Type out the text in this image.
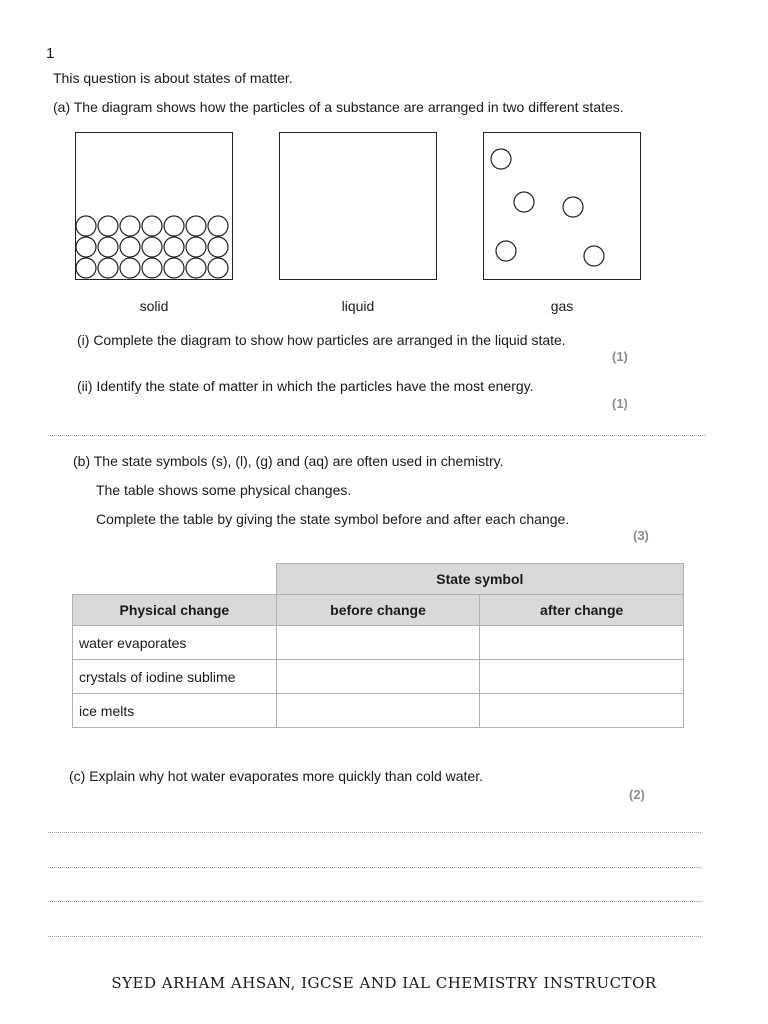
1
This question is about states of matter.
(a) The diagram shows how the particles of a substance are arranged in two different states.
solid	liquid	gas
(i) Complete the diagram to show how particles are arranged in the liquid state.
(1)
(ii) Identify the state of matter in which the particles have the most energy.
(1)
(b) The state symbols (s), (l), (g) and (aq) are often used in chemistry.
The table shows some physical changes.
Complete the table by giving the state symbol before and after each change.
(3)
	State symbol	
Physical change	before change	after change
water evaporates		
crystals of iodine sublime		
ice melts		
(c) Explain why hot water evaporates more quickly than cold water.
(2)
SYED ARHAM AHSAN, IGCSE AND IAL CHEMISTRY INSTRUCTOR
